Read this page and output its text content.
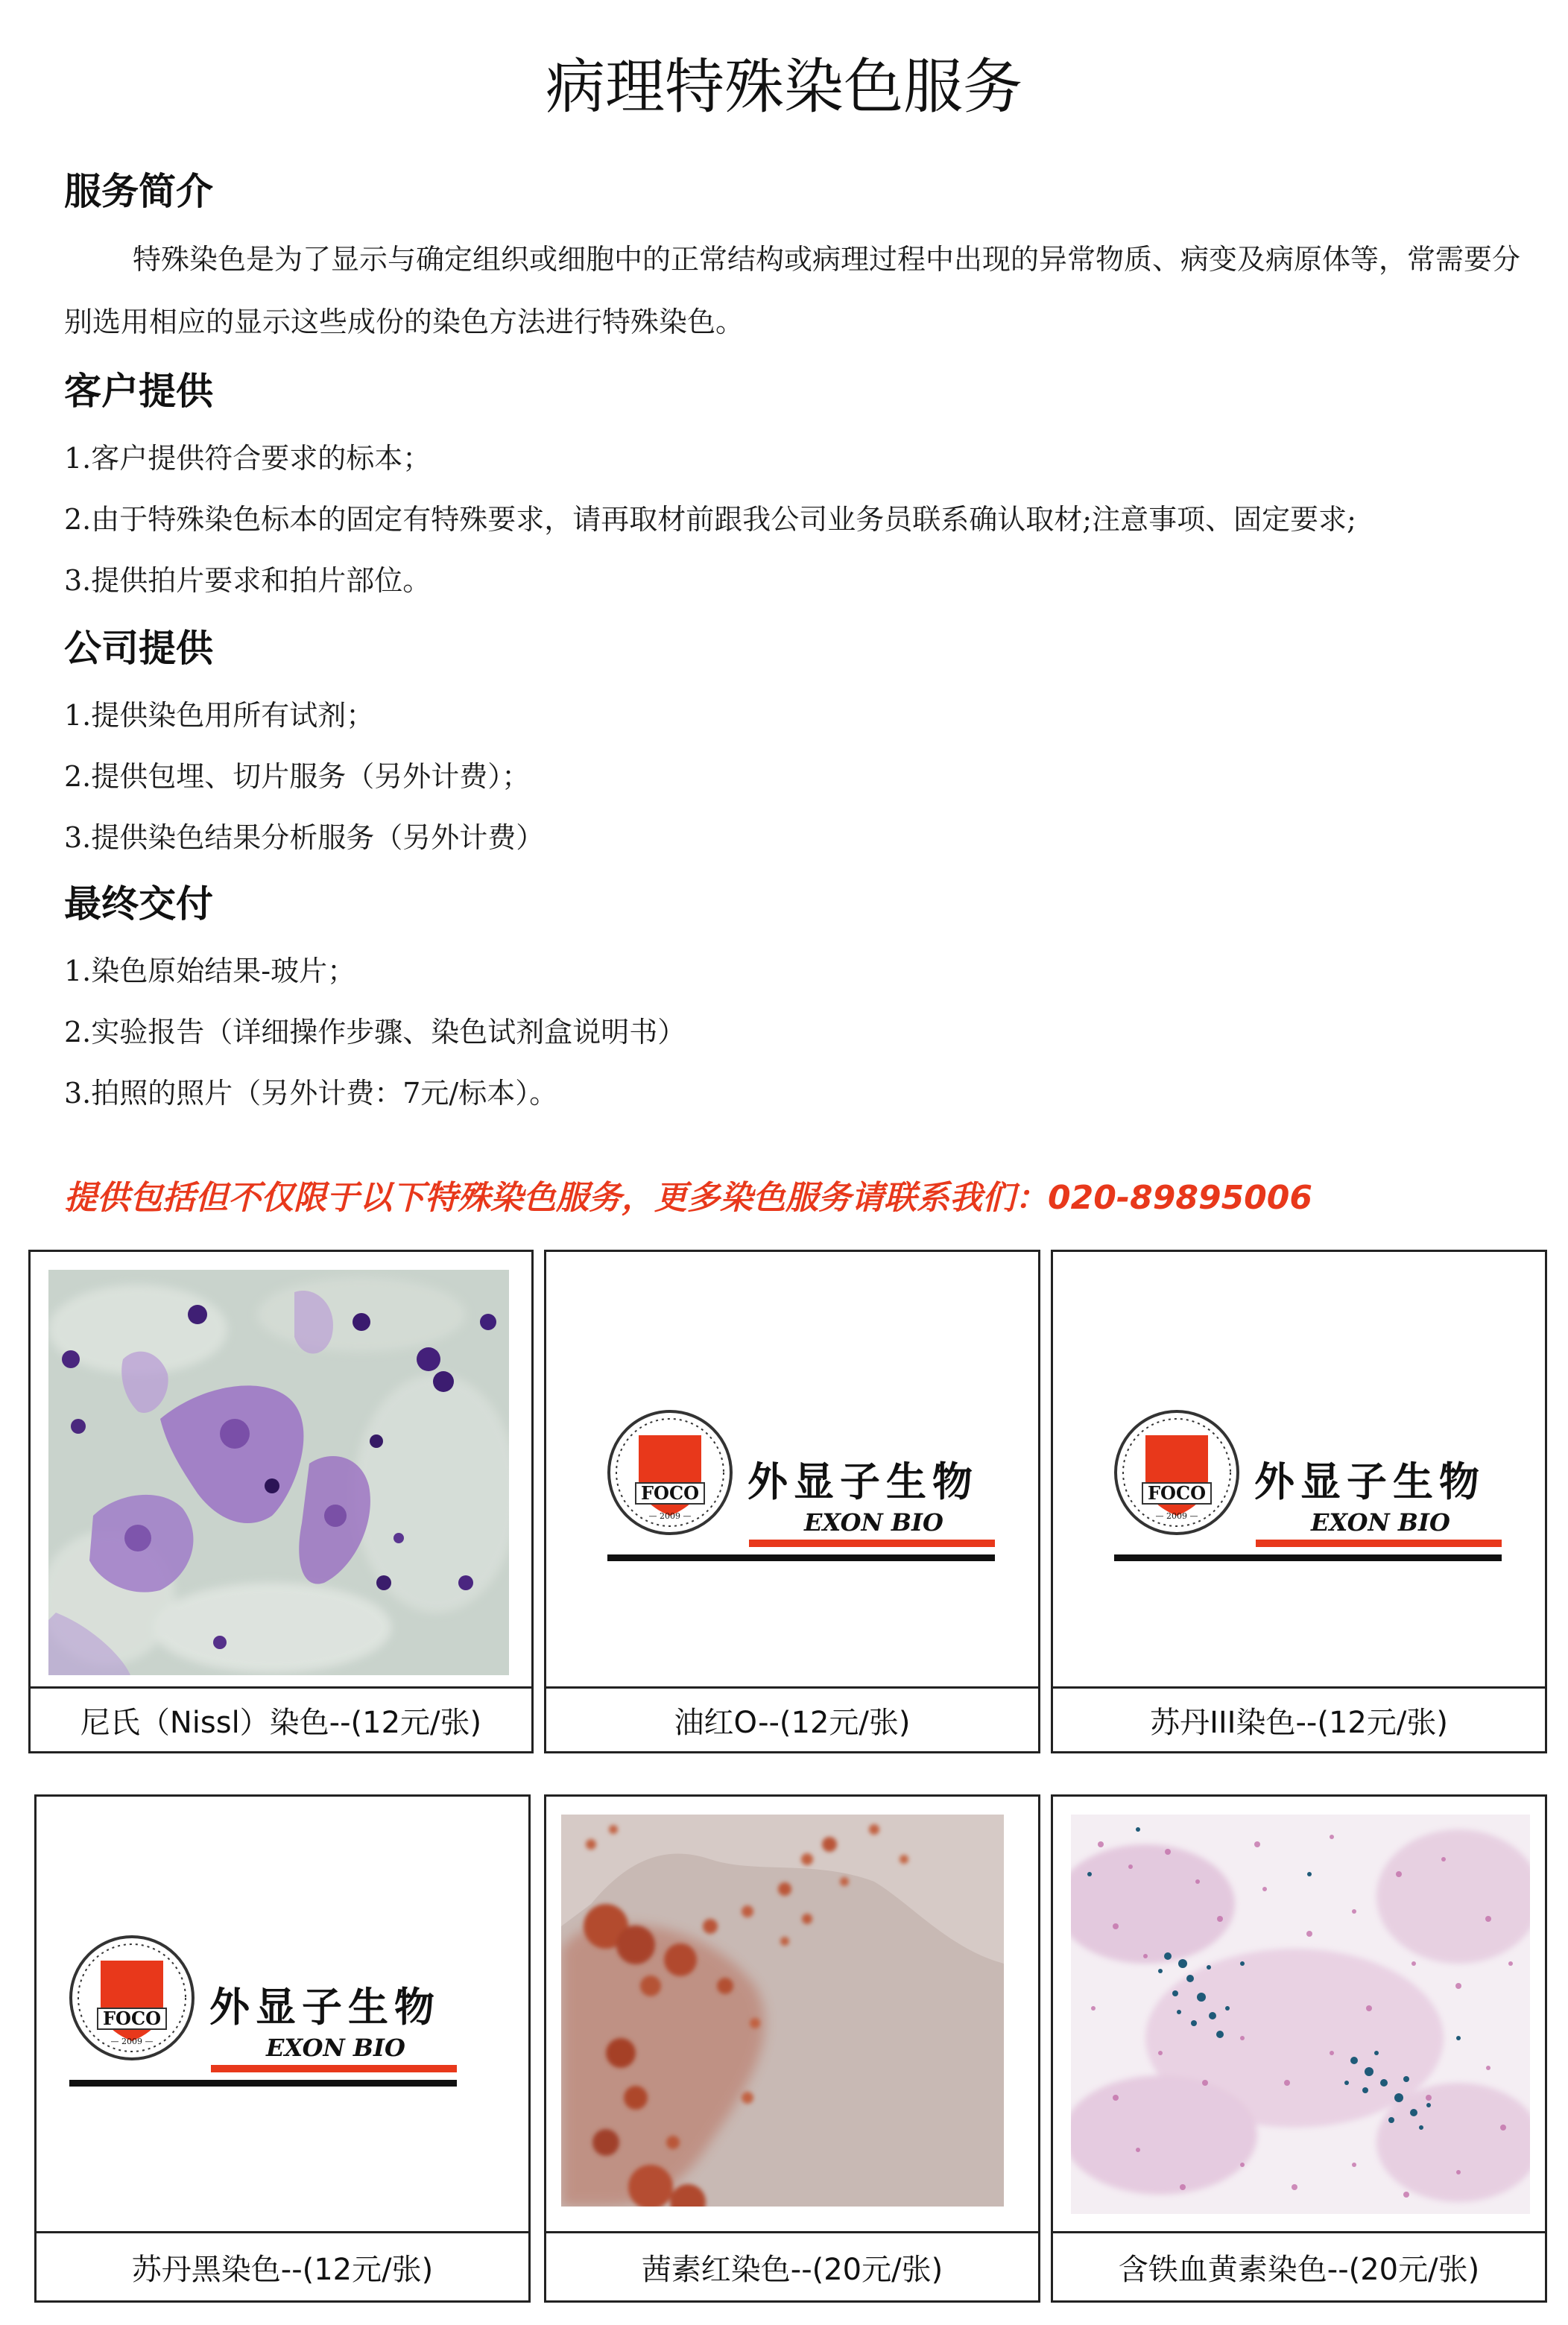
病理特殊染色服务
服务简介

特殊染色是为了显示与确定组织或细胞中的正常结构或病理过程中出现的异常物质、病变及病原体等，常需要分别选用相应的显示这些成份的染色方法进行特殊染色。

客户提供

1.客户提供符合要求的标本；

2.由于特殊染色标本的固定有特殊要求，请再取材前跟我公司业务员联系确认取材;注意事项、固定要求;

3.提供拍片要求和拍片部位。

公司提供

1.提供染色用所有试剂；

2.提供包埋、切片服务（另外计费）；

3.提供染色结果分析服务（另外计费）

最终交付

1.染色原始结果-玻片；

2.实验报告（详细操作步骤、染色试剂盒说明书）

3.拍照的照片（另外计费：7元/标本）。

提供包括但不仅限于以下特殊染色服务，更多染色服务请联系我们：020-89895006
尼氏（Nissl）染色--(12元/张)
FOCO
— 2009 —
外显子生物
EXON BIO
油红O--(12元/张)
FOCO
— 2009 —
外显子生物
EXON BIO
苏丹III染色--(12元/张)
FOCO
— 2009 —
外显子生物
EXON BIO
苏丹黑染色--(12元/张)	茜素红染色--(20元/张)	含铁血黄素染色--(20元/张)
